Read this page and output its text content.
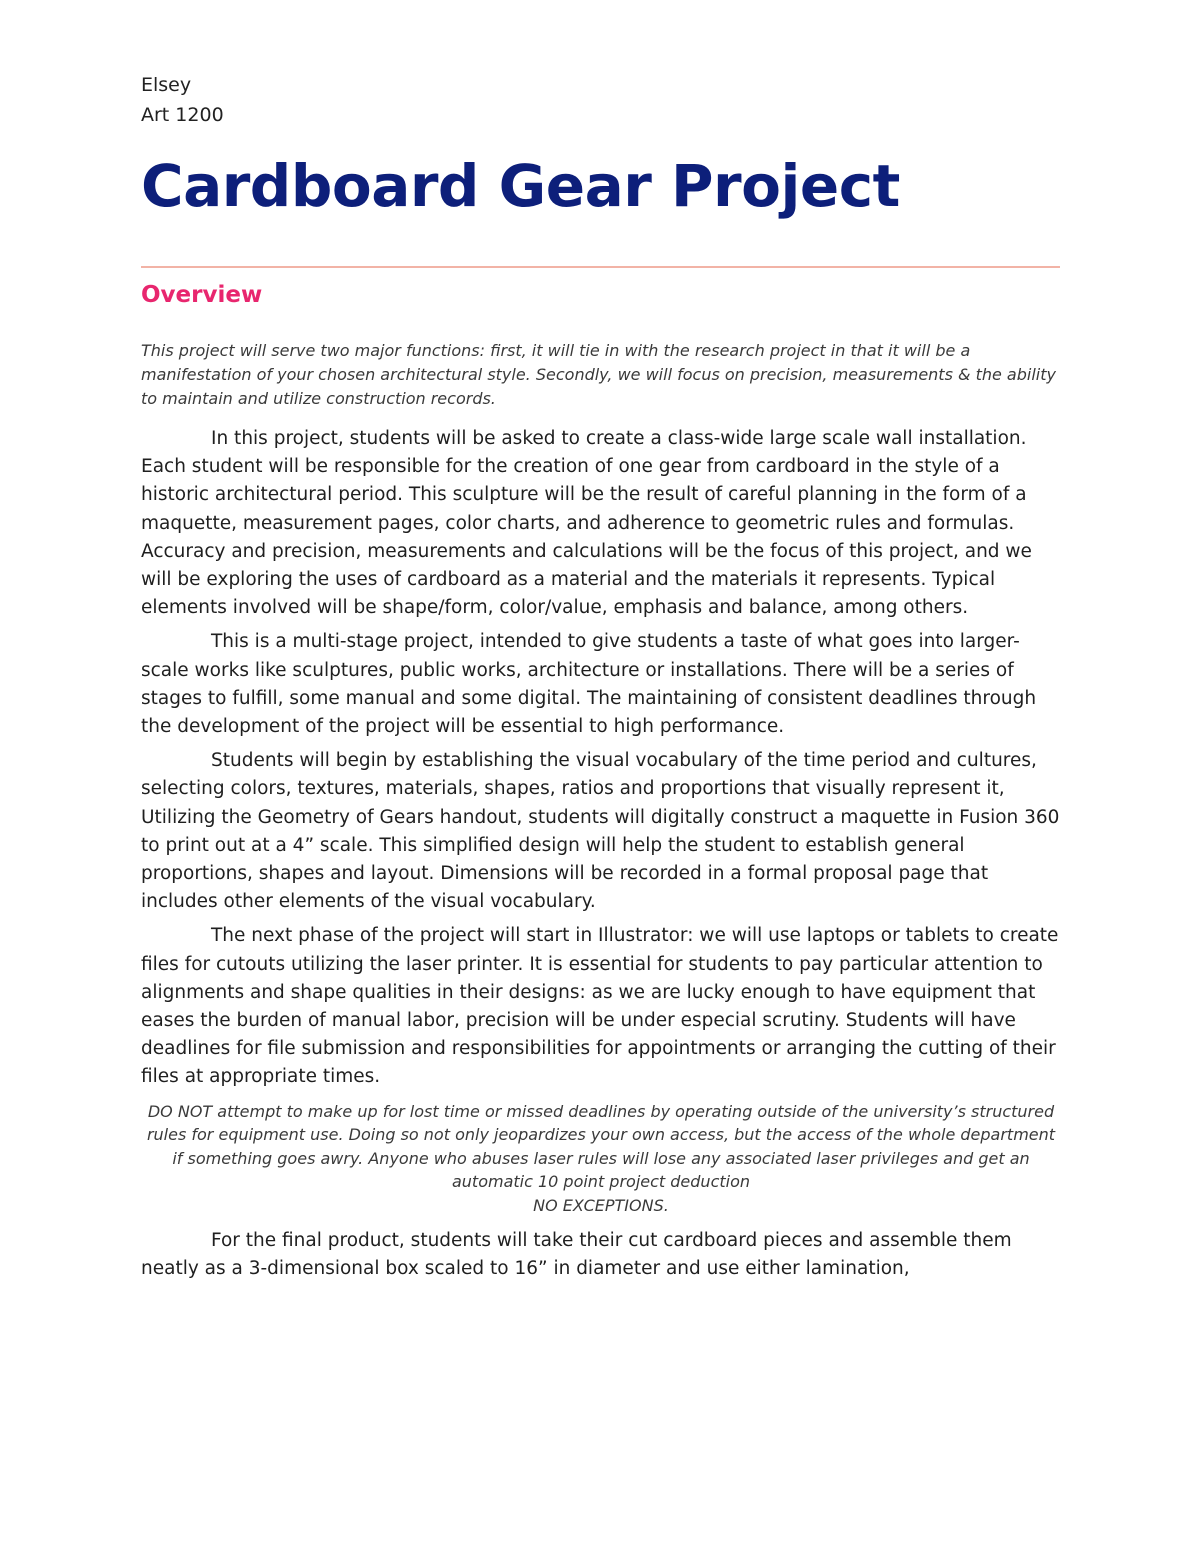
Elsey

Art 1200

Cardboard Gear Project
Overview

This project will serve two major functions: first, it will tie in with the research project in that it will be a manifestation of your chosen architectural style. Secondly, we will focus on precision, measurements & the ability to maintain and utilize construction records.

In this project, students will be asked to create a class-wide large scale wall installation. Each student will be responsible for the creation of one gear from cardboard in the style of a historic architectural period. This sculpture will be the result of careful planning in the form of a maquette, measurement pages, color charts, and adherence to geometric rules and formulas. Accuracy and precision, measurements and calculations will be the focus of this project, and we will be exploring the uses of cardboard as a material and the materials it represents. Typical elements involved will be shape/form, color/value, emphasis and balance, among others.

This is a multi-stage project, intended to give students a taste of what goes into larger-scale works like sculptures, public works, architecture or installations. There will be a series of stages to fulfill, some manual and some digital. The maintaining of consistent deadlines through the development of the project will be essential to high performance.

Students will begin by establishing the visual vocabulary of the time period and cultures, selecting colors, textures, materials, shapes, ratios and proportions that visually represent it, Utilizing the Geometry of Gears handout, students will digitally construct a maquette in Fusion 360 to print out at a 4” scale. This simplified design will help the student to establish general proportions, shapes and layout. Dimensions will be recorded in a formal proposal page that includes other elements of the visual vocabulary.

The next phase of the project will start in Illustrator: we will use laptops or tablets to create files for cutouts utilizing the laser printer. It is essential for students to pay particular attention to alignments and shape qualities in their designs: as we are lucky enough to have equipment that eases the burden of manual labor, precision will be under especial scrutiny. Students will have deadlines for file submission and responsibilities for appointments or arranging the cutting of their files at appropriate times.

DO NOT attempt to make up for lost time or missed deadlines by operating outside of the university’s structured rules for equipment use. Doing so not only jeopardizes your own access, but the access of the whole department if something goes awry. Anyone who abuses laser rules will lose any associated laser privileges and get an automatic 10 point project deduction
NO EXCEPTIONS.

For the final product, students will take their cut cardboard pieces and assemble them neatly as a 3-dimensional box scaled to 16” in diameter and use either lamination,
